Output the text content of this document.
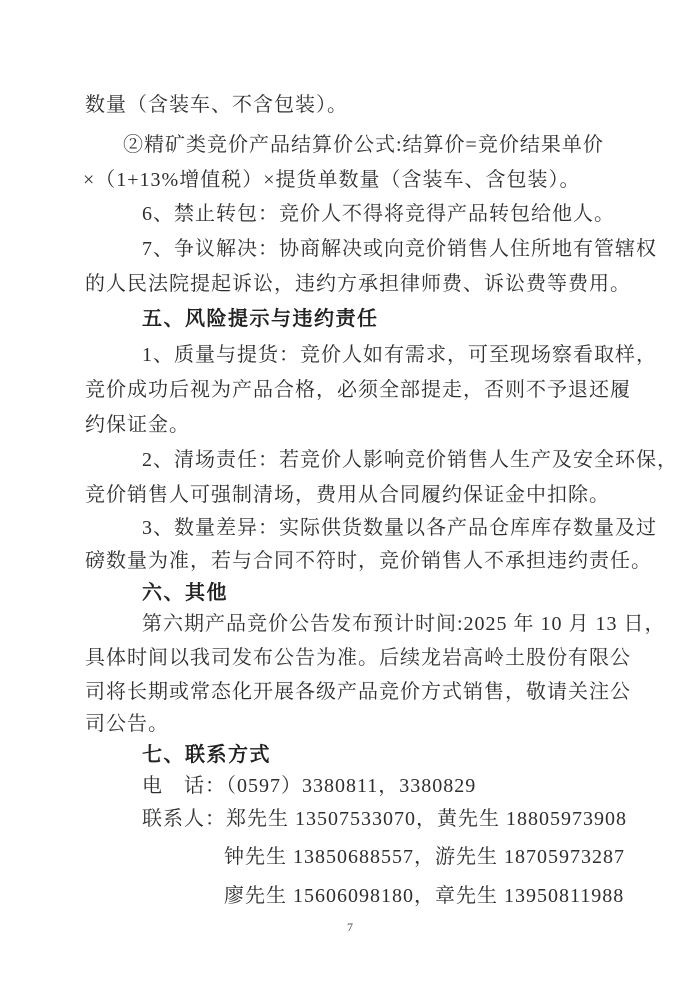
数量（含装车、不含包装）。
②精矿类竞价产品结算价公式:结算价=竞价结果单价
×（1+13%增值税）×提货单数量（含装车、含包装）。
6、禁止转包：竞价人不得将竞得产品转包给他人。
7、争议解决：协商解决或向竞价销售人住所地有管辖权
的人民法院提起诉讼，违约方承担律师费、诉讼费等费用。
五、风险提示与违约责任
1、质量与提货：竞价人如有需求，可至现场察看取样，
竞价成功后视为产品合格，必须全部提走，否则不予退还履
约保证金。
2、清场责任：若竞价人影响竞价销售人生产及安全环保，
竞价销售人可强制清场，费用从合同履约保证金中扣除。
3、数量差异：实际供货数量以各产品仓库库存数量及过
磅数量为准，若与合同不符时，竞价销售人不承担违约责任。
六、其他
第六期产品竞价公告发布预计时间:2025 年 10 月 13 日，
具体时间以我司发布公告为准。后续龙岩高岭土股份有限公
司将长期或常态化开展各级产品竞价方式销售，敬请关注公
司公告。
七、联系方式
电　话：（0597）3380811，3380829
联系人：郑先生 13507533070，黄先生 18805973908
钟先生 13850688557，游先生 18705973287
廖先生 15606098180，章先生 13950811988
7
